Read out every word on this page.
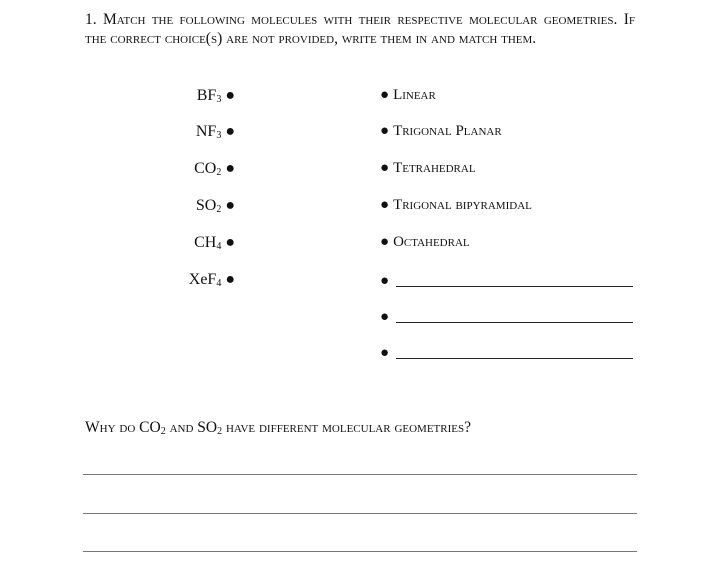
1. Match the following molecules with their respective molecular geometries. If the correct choice(s) are not provided, write them in and match them.

$BF_3$ ●
$NF_3$ ●
$CO_2$ ●
$SO_2$ ●
$CH_4$ ●
XeF$_4$ ●
● Linear
● Trigonal Planar
● Tetrahedral
● Trigonal bipyramidal
● Octahedral
●
●
●

Why do $CO_2$ and $SO_2$ have different molecular geometries?
